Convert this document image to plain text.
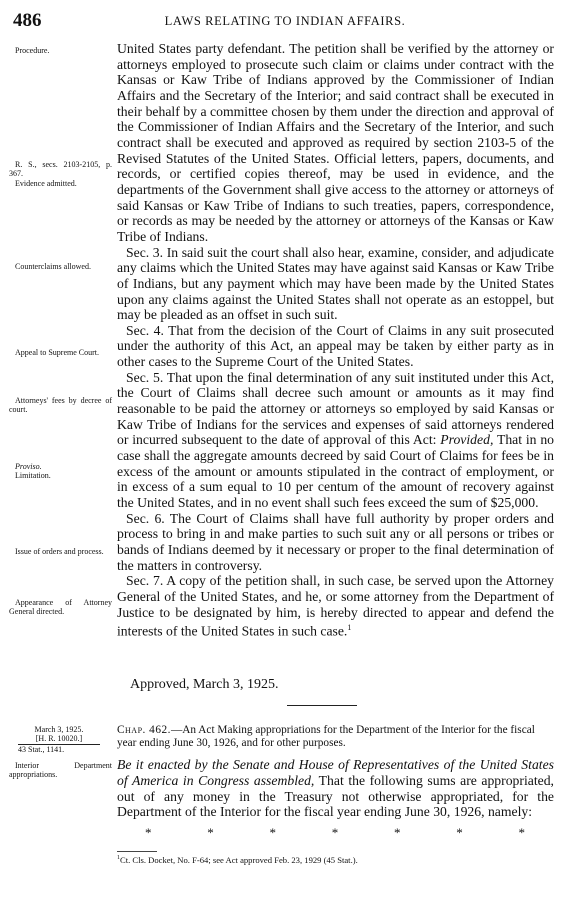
486	LAWS RELATING TO INDIAN AFFAIRS.
Procedure.
R. S., secs. 2103-2105, p. 367.
Evidence admitted.
Counterclaims allowed.
Appeal to Supreme Court.
Attorneys' fees by decree of court.
Proviso.
Limitation.
Issue of orders and process.
Appearance of Attorney General directed.
Interior Department appropriations.

United States party defendant. The petition shall be verified by the attorney or attorneys employed to prosecute such claim or claims under contract with the Kansas or Kaw Tribe of Indians approved by the Commissioner of Indian Affairs and the Secretary of the Interior; and said contract shall be executed in their behalf by a committee chosen by them under the direction and approval of the Commissioner of Indian Affairs and the Secretary of the Interior, and such contract shall be executed and approved as required by section 2103-5 of the Revised Statutes of the United States. Official letters, papers, documents, and records, or certified copies thereof, may be used in evidence, and the departments of the Government shall give access to the attorney or attorneys of said Kansas or Kaw Tribe of Indians to such treaties, papers, correspondence, or records as may be needed by the attorney or attorneys of the Kansas or Kaw Tribe of Indians.

Sec. 3. In said suit the court shall also hear, examine, consider, and adjudicate any claims which the United States may have against said Kansas or Kaw Tribe of Indians, but any payment which may have been made by the United States upon any claims against the United States shall not operate as an estoppel, but may be pleaded as an offset in such suit.

Sec. 4. That from the decision of the Court of Claims in any suit prosecuted under the authority of this Act, an appeal may be taken by either party as in other cases to the Supreme Court of the United States.

Sec. 5. That upon the final determination of any suit instituted under this Act, the Court of Claims shall decree such amount or amounts as it may find reasonable to be paid the attorney or attorneys so employed by said Kansas or Kaw Tribe of Indians for the services and expenses of said attorneys rendered or incurred subsequent to the date of approval of this Act: Provided, That in no case shall the aggregate amounts decreed by said Court of Claims for fees be in excess of the amount or amounts stipulated in the contract of employment, or in excess of a sum equal to 10 per centum of the amount of recovery against the United States, and in no event shall such fees exceed the sum of $25,000.

Sec. 6. The Court of Claims shall have full authority by proper orders and process to bring in and make parties to such suit any or all persons or tribes or bands of Indians deemed by it necessary or proper to the final determination of the matters in controversy.

Sec. 7. A copy of the petition shall, in such case, be served upon the Attorney General of the United States, and he, or some attorney from the Department of Justice to be designated by him, is hereby directed to appear and defend the interests of the United States in such case.$^1$

Approved, March 3, 1925.
March 3, 1925.
[H. R. 10020.]
43 Stat., 1141.
Chap. 462.—An Act Making appropriations for the Department of the Interior for the fiscal year ending June 30, 1926, and for other purposes.
Be it enacted by the Senate and House of Representatives of the United States of America in Congress assembled, That the following sums are appropriated, out of any money in the Treasury not otherwise appropriated, for the Department of the Interior for the fiscal year ending June 30, 1926, namely:
*	*	*	*	*	*	*
$^1$Ct. Cls. Docket, No. F-64; see Act approved Feb. 23, 1929 (45 Stat.).
